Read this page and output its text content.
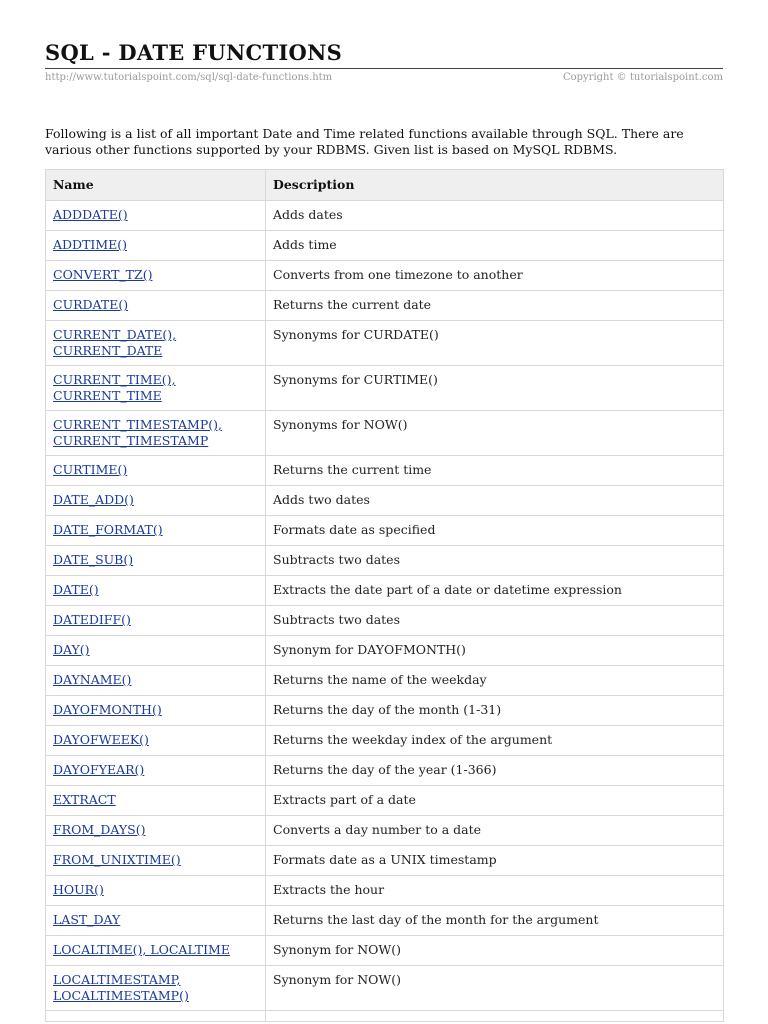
SQL - DATE FUNCTIONS
http://www.tutorialspoint.com/sql/sql-date-functions.htm	Copyright © tutorialspoint.com

Following is a list of all important Date and Time related functions available through SQL. There are various other functions supported by your RDBMS. Given list is based on MySQL RDBMS.

Name	Description
ADDDATE()	Adds dates
ADDTIME()	Adds time
CONVERT_TZ()	Converts from one timezone to another
CURDATE()	Returns the current date
CURRENT_DATE(), CURRENT_DATE	Synonyms for CURDATE()
CURRENT_TIME(), CURRENT_TIME	Synonyms for CURTIME()
CURRENT_TIMESTAMP(), CURRENT_TIMESTAMP	Synonyms for NOW()
CURTIME()	Returns the current time
DATE_ADD()	Adds two dates
DATE_FORMAT()	Formats date as specified
DATE_SUB()	Subtracts two dates
DATE()	Extracts the date part of a date or datetime expression
DATEDIFF()	Subtracts two dates
DAY()	Synonym for DAYOFMONTH()
DAYNAME()	Returns the name of the weekday
DAYOFMONTH()	Returns the day of the month (1-31)
DAYOFWEEK()	Returns the weekday index of the argument
DAYOFYEAR()	Returns the day of the year (1-366)
EXTRACT	Extracts part of a date
FROM_DAYS()	Converts a day number to a date
FROM_UNIXTIME()	Formats date as a UNIX timestamp
HOUR()	Extracts the hour
LAST_DAY	Returns the last day of the month for the argument
LOCALTIME(), LOCALTIME	Synonym for NOW()
LOCALTIMESTAMP, LOCALTIMESTAMP()	Synonym for NOW()
